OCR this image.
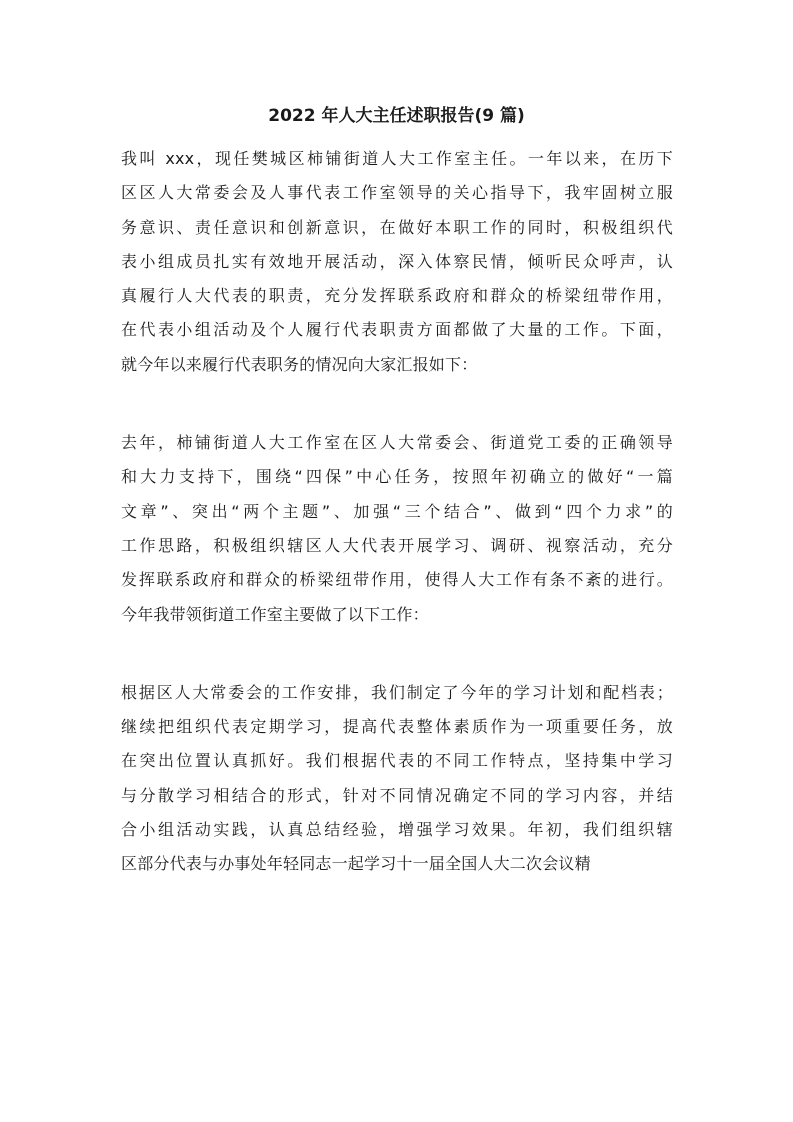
2022 年人大主任述职报告(9 篇)
我叫 xxx，现任樊城区柿铺街道人大工作室主任。一年以来，在历下
区区人大常委会及人事代表工作室领导的关心指导下，我牢固树立服
务意识、责任意识和创新意识，在做好本职工作的同时，积极组织代
表小组成员扎实有效地开展活动，深入体察民情，倾听民众呼声，认
真履行人大代表的职责，充分发挥联系政府和群众的桥梁纽带作用，
在代表小组活动及个人履行代表职责方面都做了大量的工作。下面，
就今年以来履行代表职务的情况向大家汇报如下：
去年，柿铺街道人大工作室在区人大常委会、街道党工委的正确领导
和大力支持下，围绕“四保”中心任务，按照年初确立的做好“一篇
文章”、突出“两个主题”、加强“三个结合”、做到“四个力求”的
工作思路，积极组织辖区人大代表开展学习、调研、视察活动，充分
发挥联系政府和群众的桥梁纽带作用，使得人大工作有条不紊的进行。
今年我带领街道工作室主要做了以下工作：
根据区人大常委会的工作安排，我们制定了今年的学习计划和配档表；
继续把组织代表定期学习，提高代表整体素质作为一项重要任务，放
在突出位置认真抓好。我们根据代表的不同工作特点，坚持集中学习
与分散学习相结合的形式，针对不同情况确定不同的学习内容，并结
合小组活动实践，认真总结经验，增强学习效果。年初，我们组织辖
区部分代表与办事处年轻同志一起学习十一届全国人大二次会议精
